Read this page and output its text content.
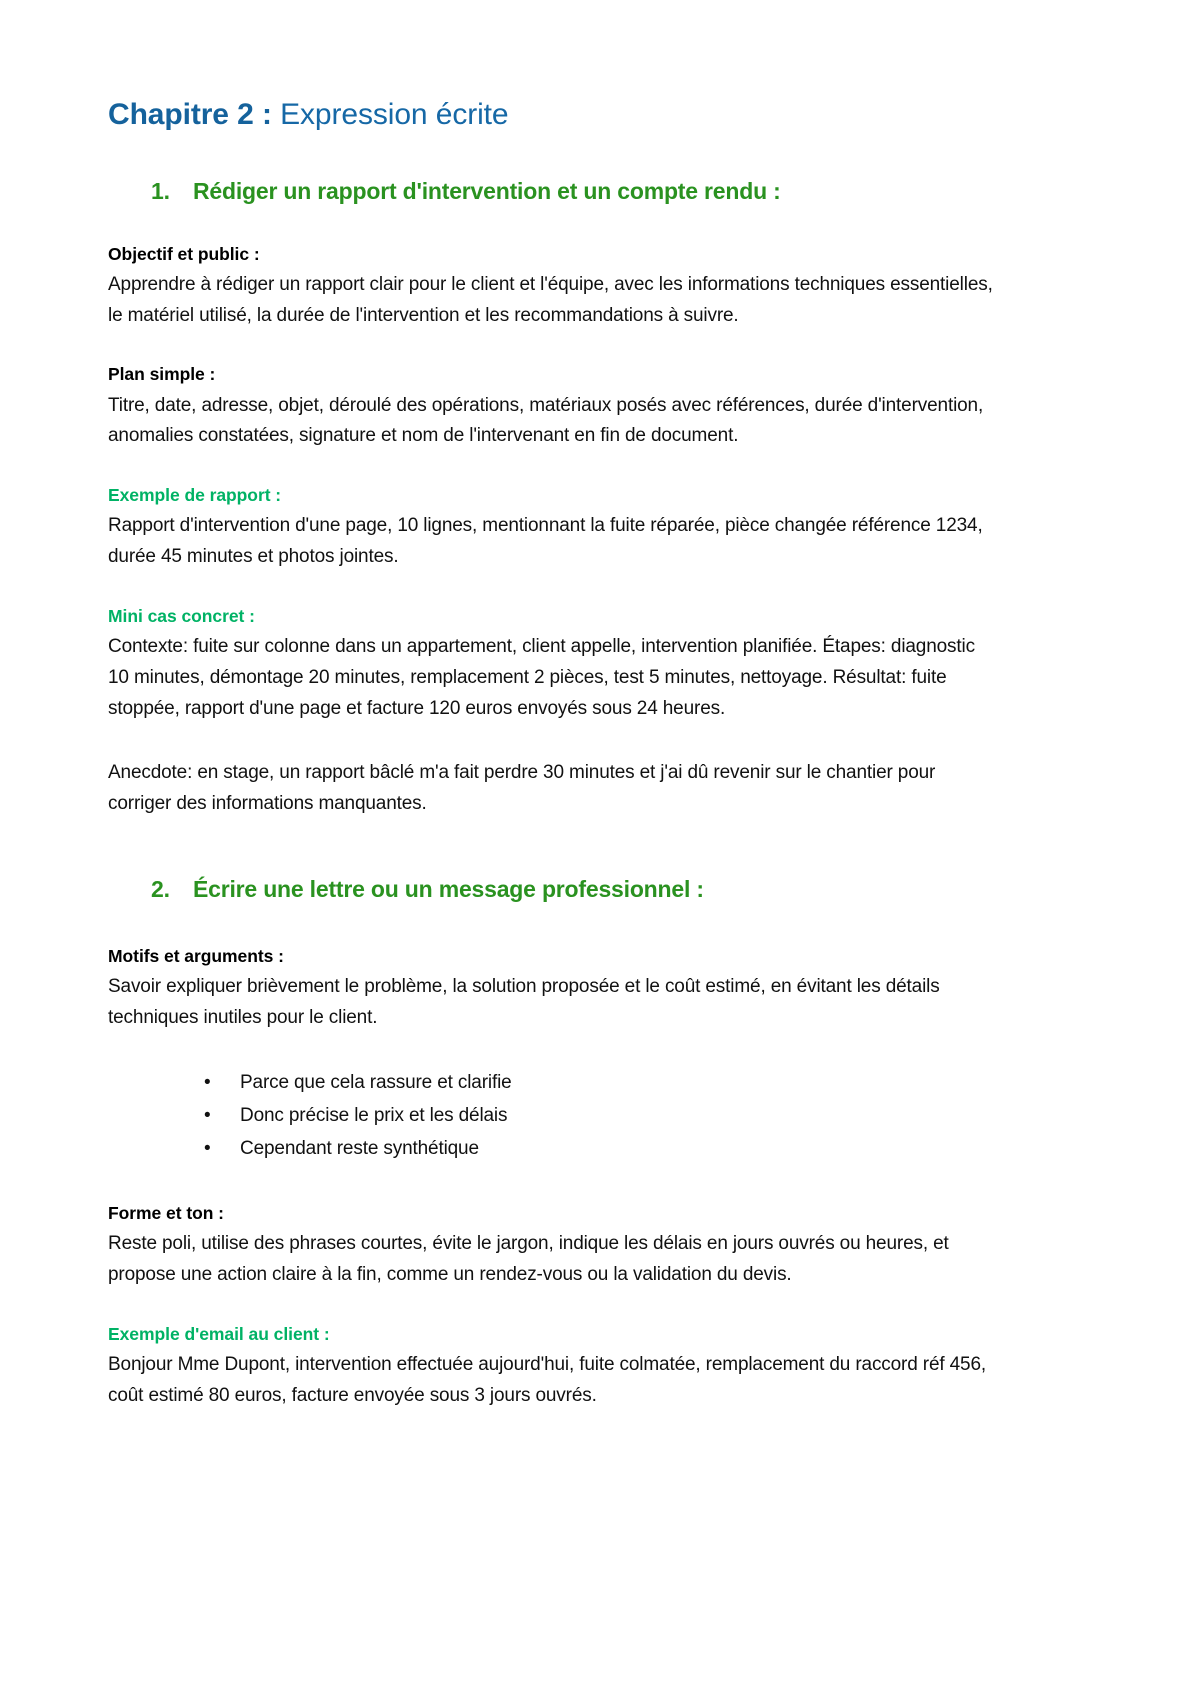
Chapitre 2 : Expression écrite
1.	Rédiger un rapport d'intervention et un compte rendu :
Objectif et public :

Apprendre à rédiger un rapport clair pour le client et l'équipe, avec les informations techniques essentielles, le matériel utilisé, la durée de l'intervention et les recommandations à suivre.

Plan simple :

Titre, date, adresse, objet, déroulé des opérations, matériaux posés avec références, durée d'intervention, anomalies constatées, signature et nom de l'intervenant en fin de document.

Exemple de rapport :

Rapport d'intervention d'une page, 10 lignes, mentionnant la fuite réparée, pièce changée référence 1234, durée 45 minutes et photos jointes.

Mini cas concret :

Contexte: fuite sur colonne dans un appartement, client appelle, intervention planifiée. Étapes: diagnostic 10 minutes, démontage 20 minutes, remplacement 2 pièces, test 5 minutes, nettoyage. Résultat: fuite stoppée, rapport d'une page et facture 120 euros envoyés sous 24 heures.

Anecdote: en stage, un rapport bâclé m'a fait perdre 30 minutes et j'ai dû revenir sur le chantier pour corriger des informations manquantes.

2.	Écrire une lettre ou un message professionnel :
Motifs et arguments :

Savoir expliquer brièvement le problème, la solution proposée et le coût estimé, en évitant les détails techniques inutiles pour le client.

• Parce que cela rassure et clarifie
• Donc précise le prix et les délais
• Cependant reste synthétique
Forme et ton :

Reste poli, utilise des phrases courtes, évite le jargon, indique les délais en jours ouvrés ou heures, et propose une action claire à la fin, comme un rendez-vous ou la validation du devis.

Exemple d'email au client :

Bonjour Mme Dupont, intervention effectuée aujourd'hui, fuite colmatée, remplacement du raccord réf 456, coût estimé 80 euros, facture envoyée sous 3 jours ouvrés.
